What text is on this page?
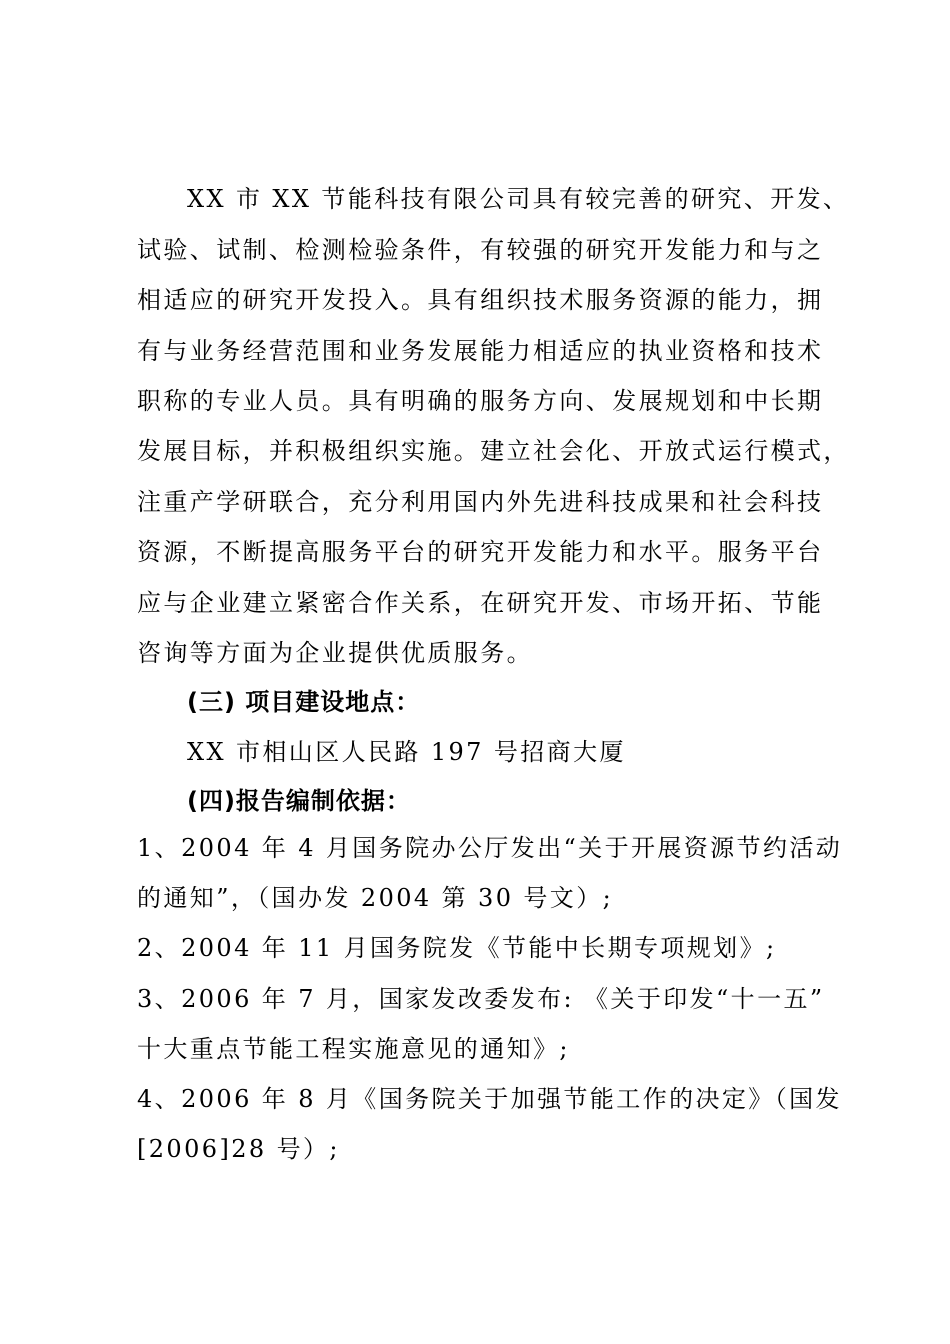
XX 市 XX 节能科技有限公司具有较完善的研究、开发、
试验、试制、检测检验条件，有较强的研究开发能力和与之
相适应的研究开发投入。具有组织技术服务资源的能力，拥
有与业务经营范围和业务发展能力相适应的执业资格和技术
职称的专业人员。具有明确的服务方向、发展规划和中长期
发展目标，并积极组织实施。建立社会化、开放式运行模式，
注重产学研联合，充分利用国内外先进科技成果和社会科技
资源，不断提高服务平台的研究开发能力和水平。服务平台
应与企业建立紧密合作关系，在研究开发、市场开拓、节能
咨询等方面为企业提供优质服务。
(三) 项目建设地点：
XX 市相山区人民路 197 号招商大厦
(四)报告编制依据：
1、2004 年 4 月国务院办公厅发出“关于开展资源节约活动
的通知”，（国办发 2004 第 30 号文）;
2、2004 年 11 月国务院发《节能中长期专项规划》;
3、2006 年 7 月，国家发改委发布: 《关于印发“十一五”
十大重点节能工程实施意见的通知》;
4、2006 年 8 月《国务院关于加强节能工作的决定》（国发
[2006]28 号）;
